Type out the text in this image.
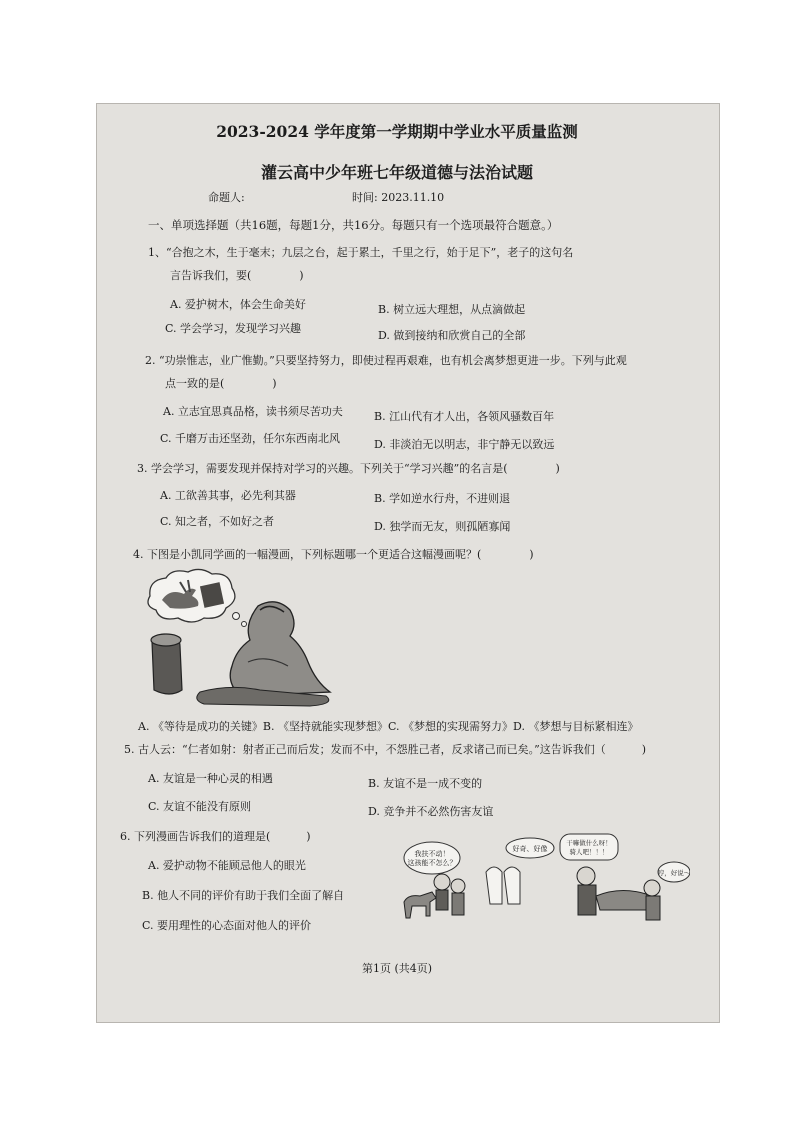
2023-2024 学年度第一学期期中学业水平质量监测
灌云高中少年班七年级道德与法治试题
命题人:	时间: 2023.11.10
一、单项选择题（共16题，每题1分，共16分。每题只有一个选项最符合题意。）
1、“合抱之木，生于毫末；九层之台，起于累土，千里之行，始于足下”，老子的这句名
言告诉我们，要(	)
A. 爱护树木，体会生命美好	B. 树立远大理想，从点滴做起
C. 学会学习，发现学习兴趣
D. 做到接纳和欣赏自己的全部
2. “功崇惟志，业广惟勤。”只要坚持努力，即使过程再艰难，也有机会离梦想更进一步。下列与此观
点一致的是(	)
A. 立志宜思真品格，读书须尽苦功夫	B. 江山代有才人出，各领风骚数百年
C. 千磨万击还坚劲，任尔东西南北风	D. 非淡泊无以明志，非宁静无以致远
3. 学会学习，需要发现并保持对学习的兴趣。下列关于“学习兴趣”的名言是(	)
A. 工欲善其事，必先利其器	B. 学如逆水行舟，不进则退
C. 知之者，不如好之者	D. 独学而无友，则孤陋寡闻
4. 下图是小凯同学画的一幅漫画，下列标题哪一个更适合这幅漫画呢？(	)
A. 《等待是成功的关键》B. 《坚持就能实现梦想》C. 《梦想的实现需努力》D. 《梦想与目标紧相连》
5. 古人云：“仁者如射：射者正己而后发；发而不中，不怨胜己者，反求诸己而已矣。”这告诉我们（	)
A. 友谊是一种心灵的相遇	B. 友谊不是一成不变的
C. 友谊不能没有原则	D. 竞争并不必然伤害友谊
6. 下列漫画告诉我们的道理是(	)
A. 爱护动物不能顾忌他人的眼光
B. 他人不同的评价有助于我们全面了解自
C. 要用理性的心态面对他人的评价
我扶不动！
这孩能不怎么？
好奇、好像
干嘛做什么呀！
骑人吧！！！
哼，好说～
第1页 (共4页)
